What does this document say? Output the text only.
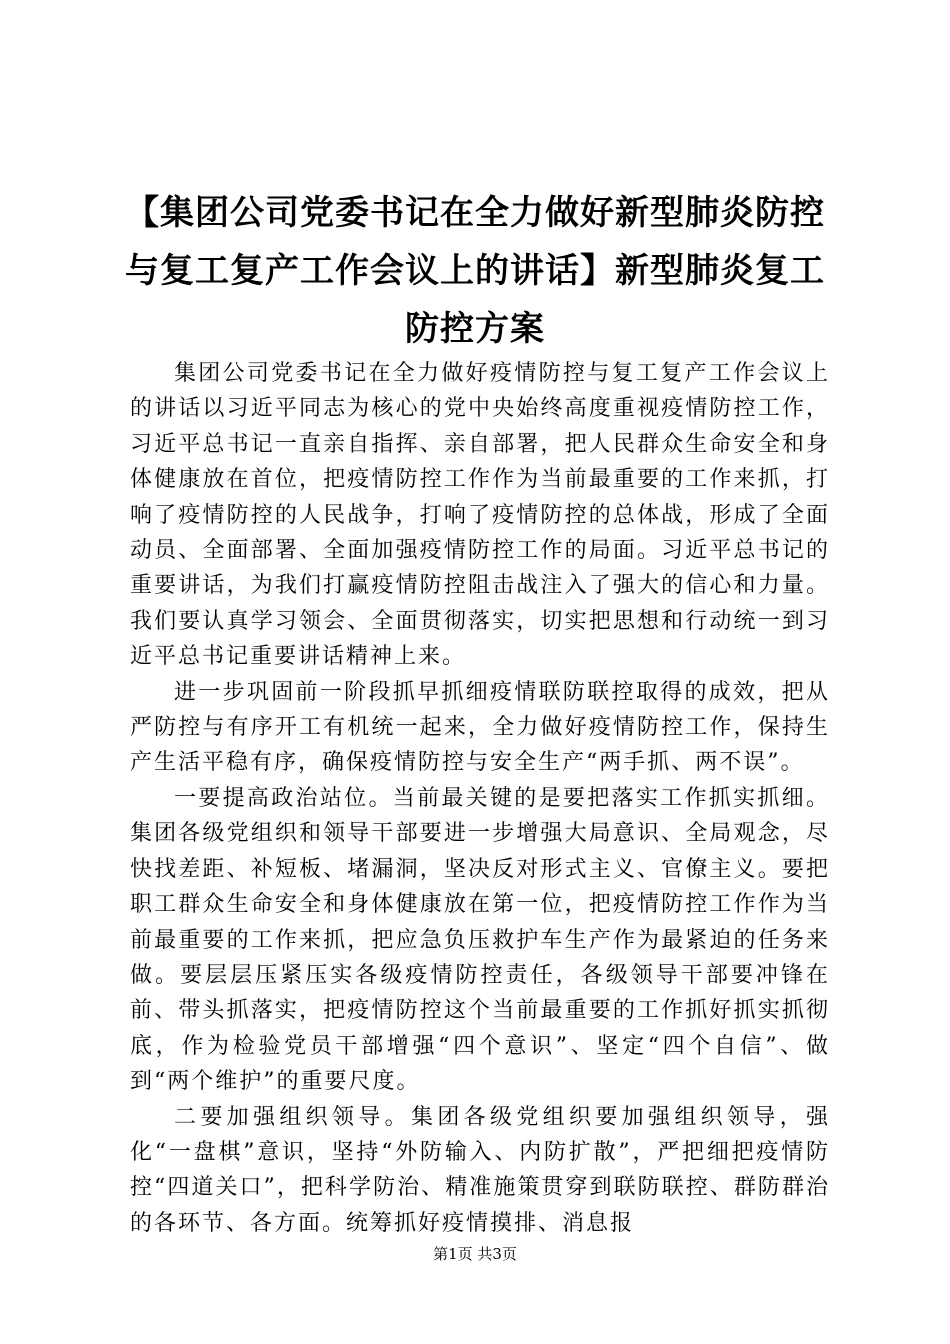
【集团公司党委书记在全力做好新型肺炎防控与复工复产工作会议上的讲话】新型肺炎复工防控方案

集团公司党委书记在全力做好疫情防控与复工复产工作会议上的讲话以习近平同志为核心的党中央始终高度重视疫情防控工作，习近平总书记一直亲自指挥、亲自部署，把人民群众生命安全和身体健康放在首位，把疫情防控工作作为当前最重要的工作来抓，打响了疫情防控的人民战争，打响了疫情防控的总体战，形成了全面动员、全面部署、全面加强疫情防控工作的局面。习近平总书记的重要讲话，为我们打赢疫情防控阻击战注入了强大的信心和力量。我们要认真学习领会、全面贯彻落实，切实把思想和行动统一到习近平总书记重要讲话精神上来。

进一步巩固前一阶段抓早抓细疫情联防联控取得的成效，把从严防控与有序开工有机统一起来，全力做好疫情防控工作，保持生产生活平稳有序，确保疫情防控与安全生产“两手抓、两不误”。

一要提高政治站位。当前最关键的是要把落实工作抓实抓细。集团各级党组织和领导干部要进一步增强大局意识、全局观念，尽快找差距、补短板、堵漏洞，坚决反对形式主义、官僚主义。要把职工群众生命安全和身体健康放在第一位，把疫情防控工作作为当前最重要的工作来抓，把应急负压救护车生产作为最紧迫的任务来做。要层层压紧压实各级疫情防控责任，各级领导干部要冲锋在前、带头抓落实，把疫情防控这个当前最重要的工作抓好抓实抓彻底，作为检验党员干部增强“四个意识”、坚定“四个自信”、做到“两个维护”的重要尺度。

二要加强组织领导。集团各级党组织要加强组织领导，强化“一盘棋”意识，坚持“外防输入、内防扩散”，严把细把疫情防控“四道关口”，把科学防治、精准施策贯穿到联防联控、群防群治的各环节、各方面。统筹抓好疫情摸排、消息报

第1页 共3页
